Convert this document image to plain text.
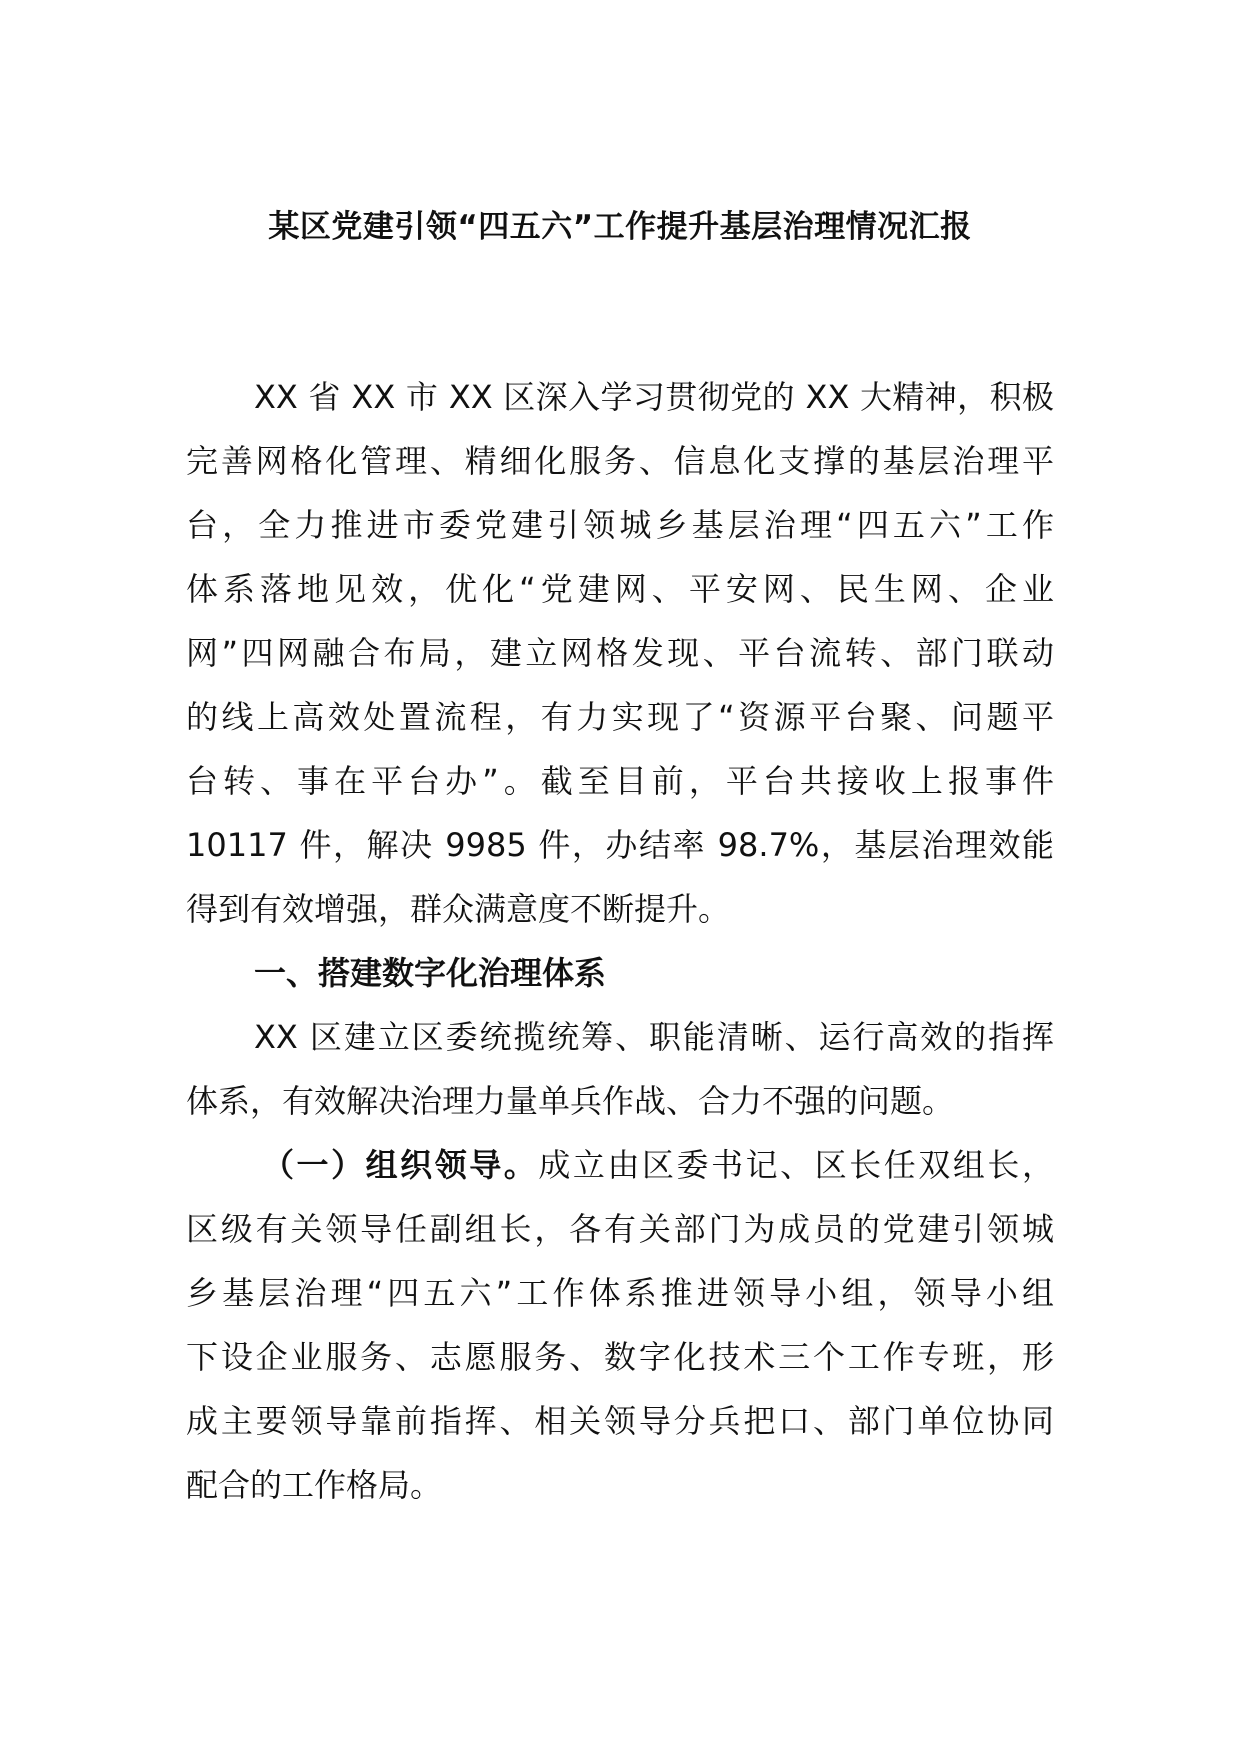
某区党建引领“四五六”工作提升基层治理情况汇报
XX 省 XX 市 XX 区深入学习贯彻党的 XX 大精神，积极
完善网格化管理、精细化服务、信息化支撑的基层治理平
台，全力推进市委党建引领城乡基层治理“四五六”工作
体系落地见效，优化“党建网、平安网、民生网、企业
网”四网融合布局，建立网格发现、平台流转、部门联动
的线上高效处置流程，有力实现了“资源平台聚、问题平
台转、事在平台办”。截至目前，平台共接收上报事件
10117 件，解决 9985 件，办结率 98.7%，基层治理效能
得到有效增强，群众满意度不断提升。
一、搭建数字化治理体系
XX 区建立区委统揽统筹、职能清晰、运行高效的指挥
体系，有效解决治理力量单兵作战、合力不强的问题。
（一）组织领导。成立由区委书记、区长任双组长，
区级有关领导任副组长，各有关部门为成员的党建引领城
乡基层治理“四五六”工作体系推进领导小组，领导小组
下设企业服务、志愿服务、数字化技术三个工作专班，形
成主要领导靠前指挥、相关领导分兵把口、部门单位协同
配合的工作格局。
